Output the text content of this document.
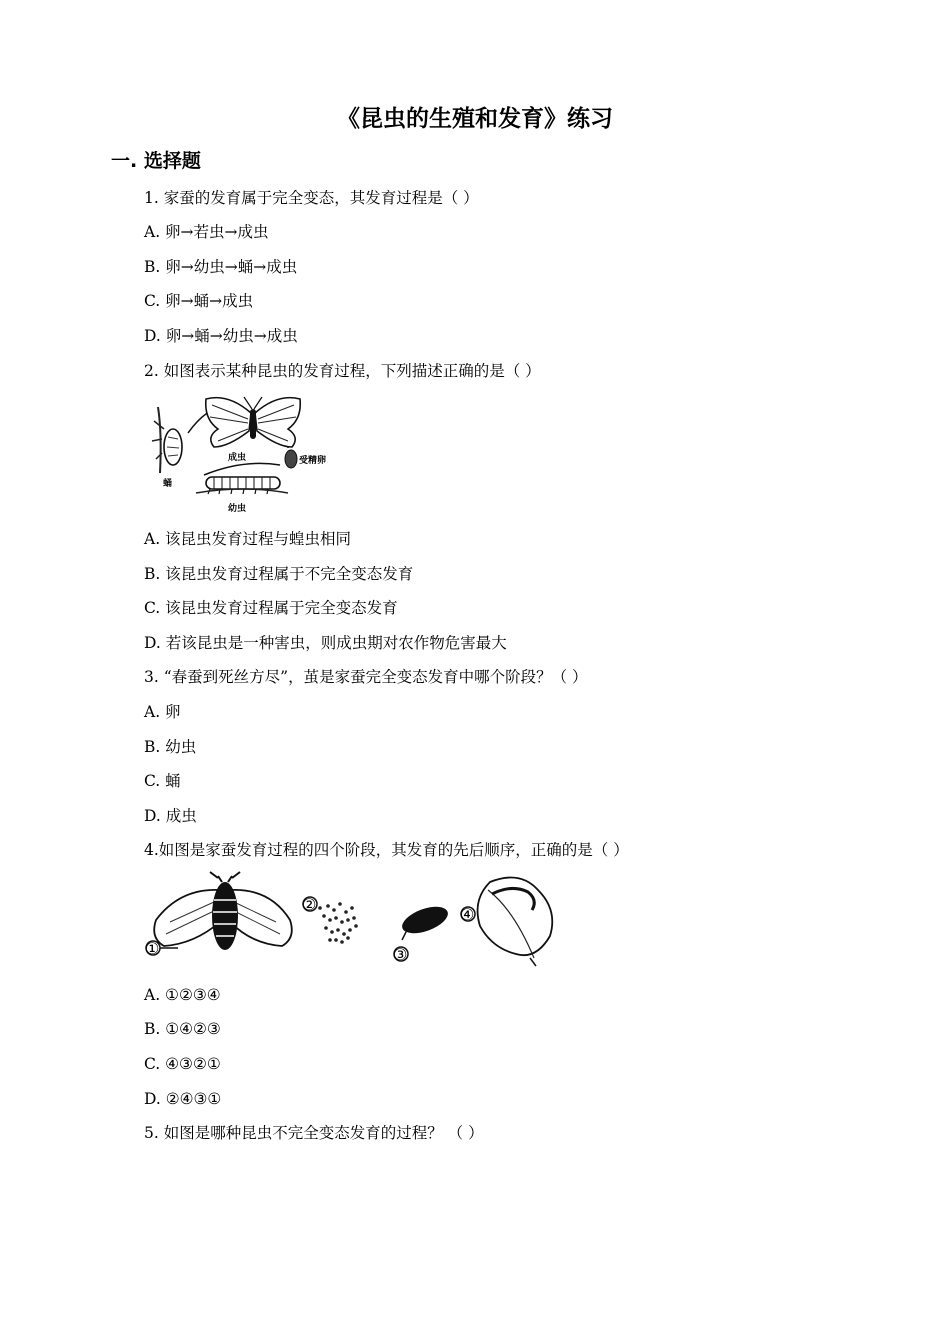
《昆虫的生殖和发育》练习
一. 选择题
1. 家蚕的发育属于完全变态，其发育过程是（ ）
A. 卵→若虫→成虫
B. 卵→幼虫→蛹→成虫
C. 卵→蛹→成虫
D. 卵→蛹→幼虫→成虫
2. 如图表示某种昆虫的发育过程，下列描述正确的是（ ）
成虫	受精卵
蛹
幼虫
A. 该昆虫发育过程与蝗虫相同
B. 该昆虫发育过程属于不完全变态发育
C. 该昆虫发育过程属于完全变态发育
D. 若该昆虫是一种害虫，则成虫期对农作物危害最大
3. “春蚕到死丝方尽”，茧是家蚕完全变态发育中哪个阶段？（ ）
A. 卵
B. 幼虫
C. 蛹
D. 成虫
4.如图是家蚕发育过程的四个阶段，其发育的先后顺序，正确的是（ ）
①
②
③
④
A. ①②③④
B. ①④②③
C. ④③②①
D. ②④③①
5. 如图是哪种昆虫不完全变态发育的过程？ （ ）
